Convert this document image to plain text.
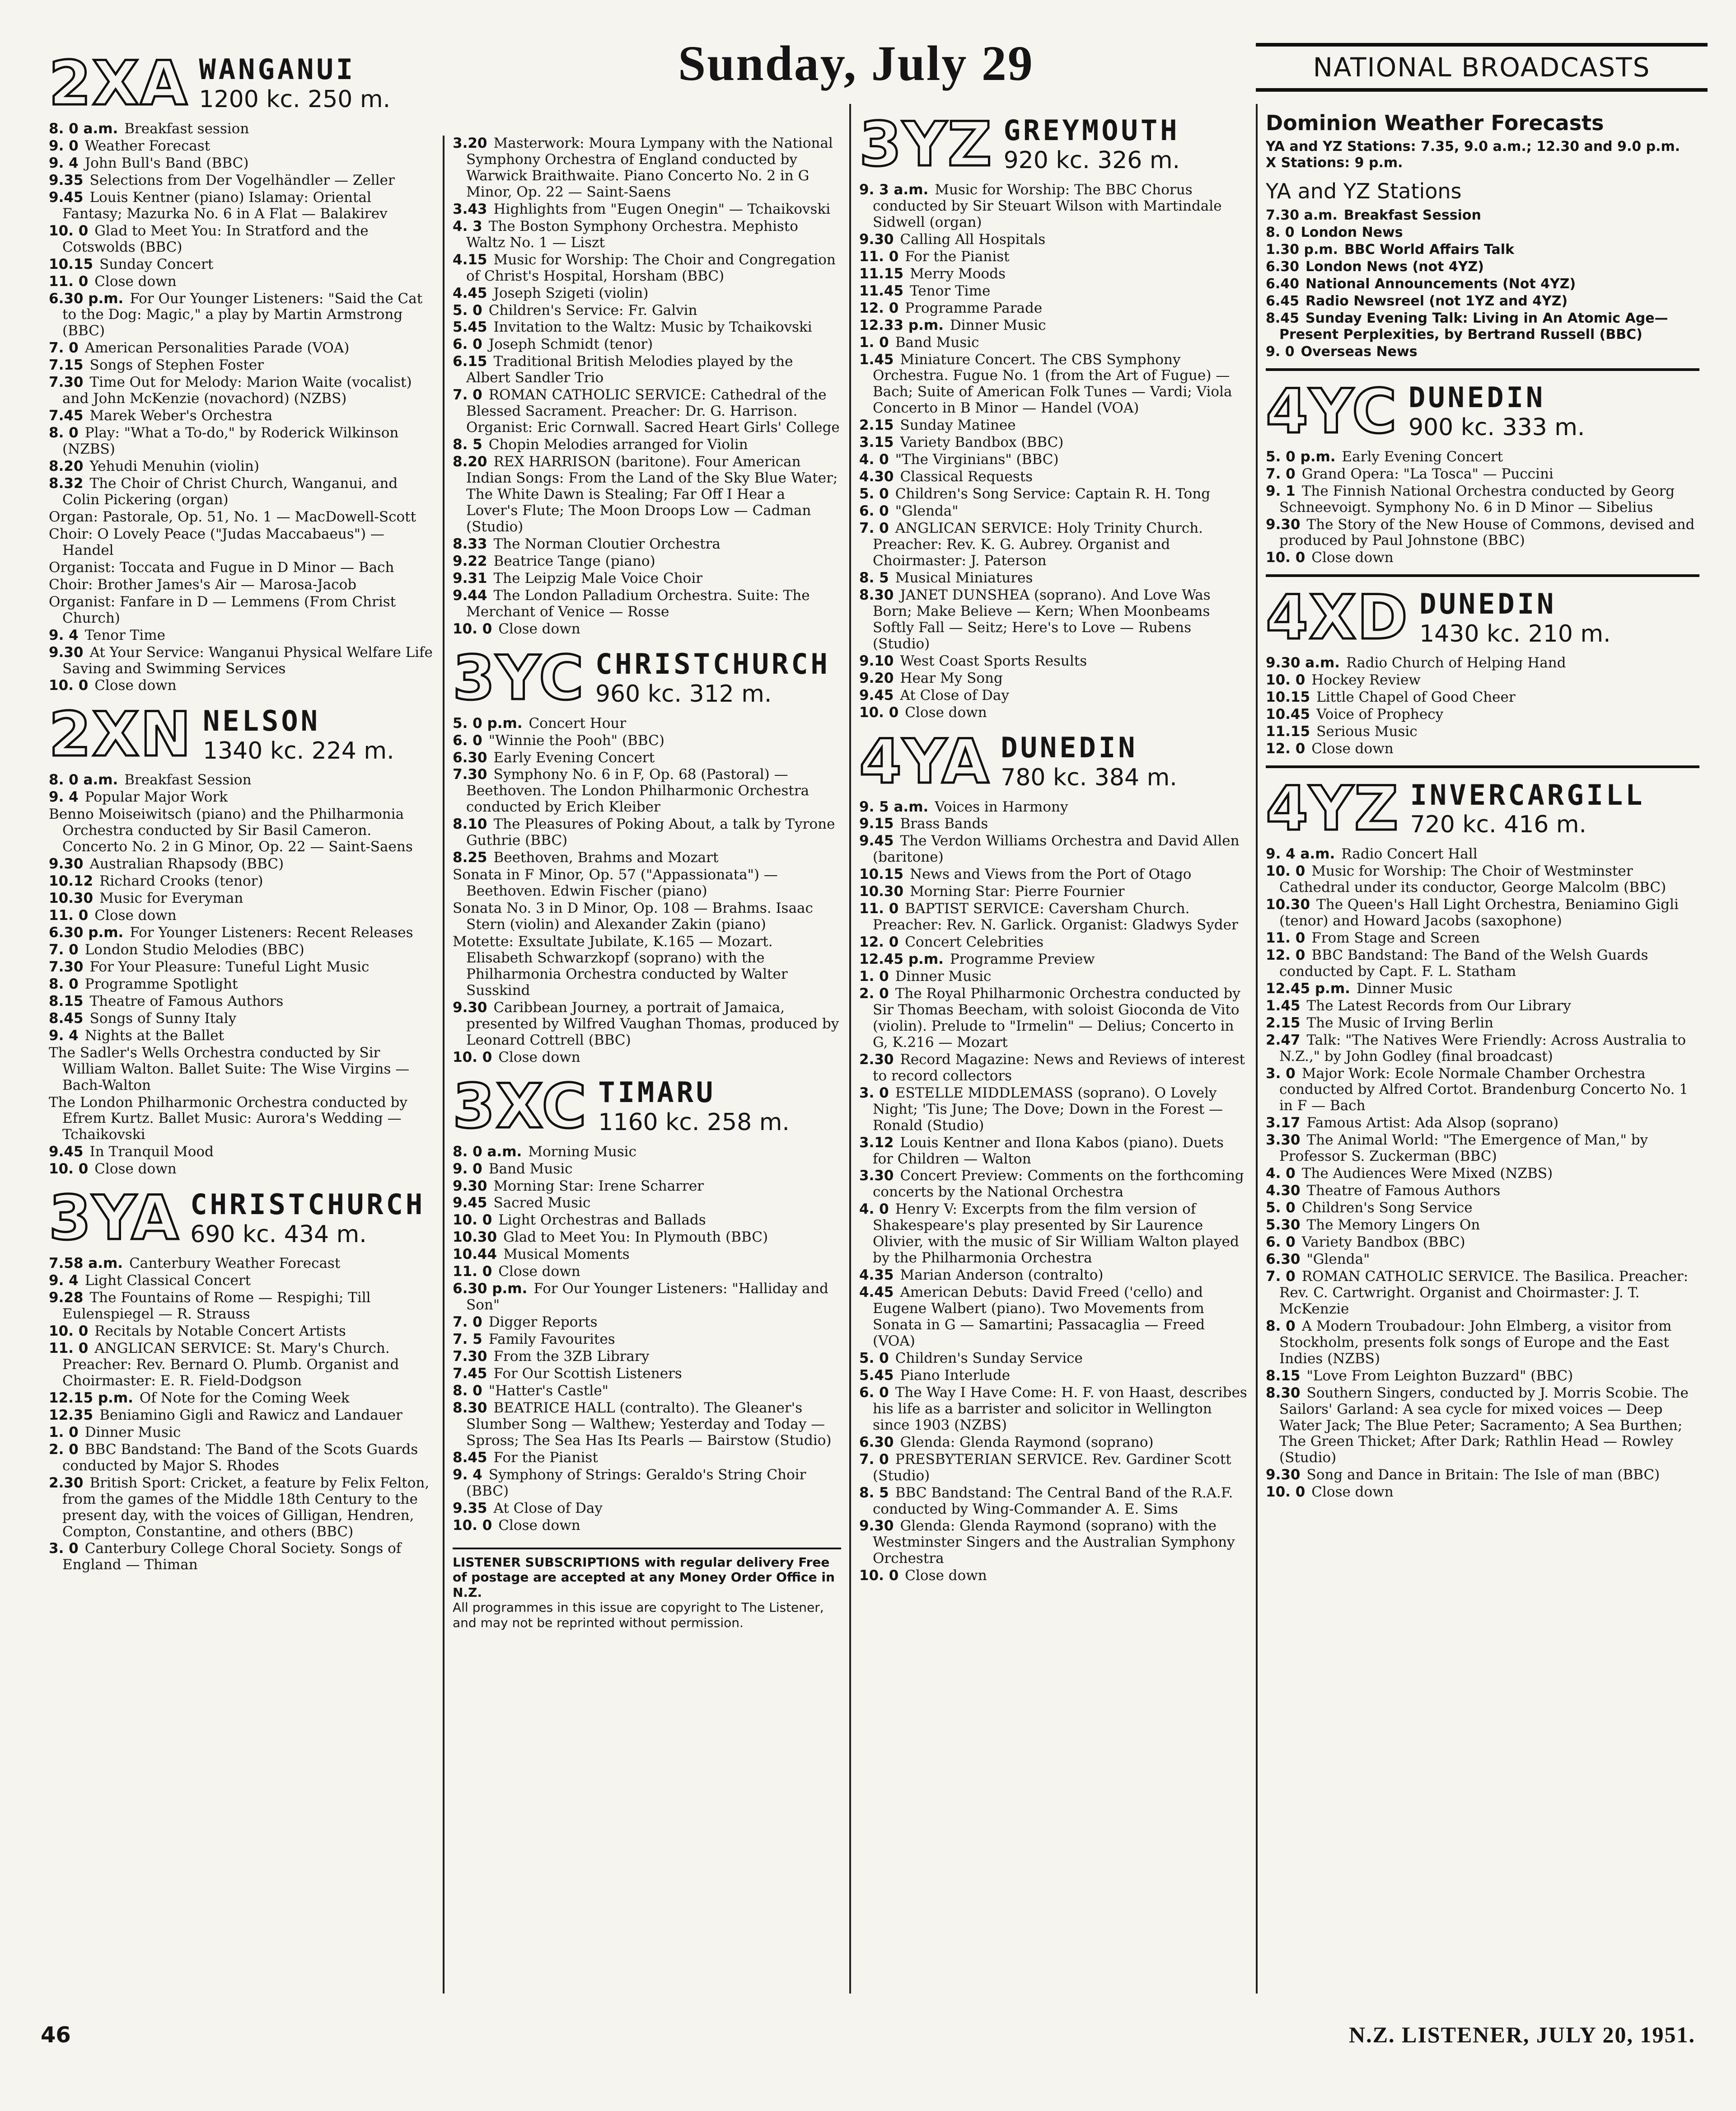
Sunday, July 29	NATIONAL BROADCASTS
2XA WANGANUI
1200 kc. 250 m.
8. 0 a.m. Breakfast session
9. 0 Weather Forecast
9. 4 John Bull's Band (BBC)
9.35 Selections from Der Vogelhändler — Zeller
9.45 Louis Kentner (piano) Islamay: Oriental Fantasy; Mazurka No. 6 in A Flat — Balakirev
10. 0 Glad to Meet You: In Stratford and the Cotswolds (BBC)
10.15 Sunday Concert
11. 0 Close down
6.30 p.m. For Our Younger Listeners: "Said the Cat to the Dog: Magic," a play by Martin Armstrong (BBC)
7. 0 American Personalities Parade (VOA)
7.15 Songs of Stephen Foster
7.30 Time Out for Melody: Marion Waite (vocalist) and John McKenzie (novachord) (NZBS)
7.45 Marek Weber's Orchestra
8. 0 Play: "What a To-do," by Roderick Wilkinson (NZBS)
8.20 Yehudi Menuhin (violin)
8.32 The Choir of Christ Church, Wanganui, and Colin Pickering (organ)
Organ: Pastorale, Op. 51, No. 1 — MacDowell-Scott
Choir: O Lovely Peace ("Judas Maccabaeus") — Handel
Organist: Toccata and Fugue in D Minor — Bach
Choir: Brother James's Air — Marosa-Jacob
Organist: Fanfare in D — Lemmens (From Christ Church)
9. 4 Tenor Time
9.30 At Your Service: Wanganui Physical Welfare Life Saving and Swimming Services
10. 0 Close down
2XN NELSON
1340 kc. 224 m.
8. 0 a.m. Breakfast Session
9. 4 Popular Major Work
Benno Moiseiwitsch (piano) and the Philharmonia Orchestra conducted by Sir Basil Cameron. Concerto No. 2 in G Minor, Op. 22 — Saint-Saens
9.30 Australian Rhapsody (BBC)
10.12 Richard Crooks (tenor)
10.30 Music for Everyman
11. 0 Close down
6.30 p.m. For Younger Listeners: Recent Releases
7. 0 London Studio Melodies (BBC)
7.30 For Your Pleasure: Tuneful Light Music
8. 0 Programme Spotlight
8.15 Theatre of Famous Authors
8.45 Songs of Sunny Italy
9. 4 Nights at the Ballet
The Sadler's Wells Orchestra conducted by Sir William Walton. Ballet Suite: The Wise Virgins — Bach-Walton
The London Philharmonic Orchestra conducted by Efrem Kurtz. Ballet Music: Aurora's Wedding — Tchaikovski
9.45 In Tranquil Mood
10. 0 Close down
3YA CHRISTCHURCH
690 kc. 434 m.
7.58 a.m. Canterbury Weather Forecast
9. 4 Light Classical Concert
9.28 The Fountains of Rome — Respighi; Till Eulenspiegel — R. Strauss
10. 0 Recitals by Notable Concert Artists
11. 0 ANGLICAN SERVICE: St. Mary's Church. Preacher: Rev. Bernard O. Plumb. Organist and Choirmaster: E. R. Field-Dodgson
12.15 p.m. Of Note for the Coming Week
12.35 Beniamino Gigli and Rawicz and Landauer
1. 0 Dinner Music
2. 0 BBC Bandstand: The Band of the Scots Guards conducted by Major S. Rhodes
2.30 British Sport: Cricket, a feature by Felix Felton, from the games of the Middle 18th Century to the present day, with the voices of Gilligan, Hendren, Compton, Constantine, and others (BBC)
3. 0 Canterbury College Choral Society. Songs of England — Thiman
3.20 Masterwork: Moura Lympany with the National Symphony Orchestra of England conducted by Warwick Braithwaite. Piano Concerto No. 2 in G Minor, Op. 22 — Saint-Saens
3.43 Highlights from "Eugen Onegin" — Tchaikovski
4. 3 The Boston Symphony Orchestra. Mephisto Waltz No. 1 — Liszt
4.15 Music for Worship: The Choir and Congregation of Christ's Hospital, Horsham (BBC)
4.45 Joseph Szigeti (violin)
5. 0 Children's Service: Fr. Galvin
5.45 Invitation to the Waltz: Music by Tchaikovski
6. 0 Joseph Schmidt (tenor)
6.15 Traditional British Melodies played by the Albert Sandler Trio
7. 0 ROMAN CATHOLIC SERVICE: Cathedral of the Blessed Sacrament. Preacher: Dr. G. Harrison. Organist: Eric Cornwall. Sacred Heart Girls' College
8. 5 Chopin Melodies arranged for Violin
8.20 REX HARRISON (baritone). Four American Indian Songs: From the Land of the Sky Blue Water; The White Dawn is Stealing; Far Off I Hear a Lover's Flute; The Moon Droops Low — Cadman (Studio)
8.33 The Norman Cloutier Orchestra
9.22 Beatrice Tange (piano)
9.31 The Leipzig Male Voice Choir
9.44 The London Palladium Orchestra. Suite: The Merchant of Venice — Rosse
10. 0 Close down
3YC CHRISTCHURCH
960 kc. 312 m.
5. 0 p.m. Concert Hour
6. 0 "Winnie the Pooh" (BBC)
6.30 Early Evening Concert
7.30 Symphony No. 6 in F, Op. 68 (Pastoral) — Beethoven. The London Philharmonic Orchestra conducted by Erich Kleiber
8.10 The Pleasures of Poking About, a talk by Tyrone Guthrie (BBC)
8.25 Beethoven, Brahms and Mozart
Sonata in F Minor, Op. 57 ("Appassionata") — Beethoven. Edwin Fischer (piano)
Sonata No. 3 in D Minor, Op. 108 — Brahms. Isaac Stern (violin) and Alexander Zakin (piano)
Motette: Exsultate Jubilate, K.165 — Mozart. Elisabeth Schwarzkopf (soprano) with the Philharmonia Orchestra conducted by Walter Susskind
9.30 Caribbean Journey, a portrait of Jamaica, presented by Wilfred Vaughan Thomas, produced by Leonard Cottrell (BBC)
10. 0 Close down
3XC TIMARU
1160 kc. 258 m.
8. 0 a.m. Morning Music
9. 0 Band Music
9.30 Morning Star: Irene Scharrer
9.45 Sacred Music
10. 0 Light Orchestras and Ballads
10.30 Glad to Meet You: In Plymouth (BBC)
10.44 Musical Moments
11. 0 Close down
6.30 p.m. For Our Younger Listeners: "Halliday and Son"
7. 0 Digger Reports
7. 5 Family Favourites
7.30 From the 3ZB Library
7.45 For Our Scottish Listeners
8. 0 "Hatter's Castle"
8.30 BEATRICE HALL (contralto). The Gleaner's Slumber Song — Walthew; Yesterday and Today — Spross; The Sea Has Its Pearls — Bairstow (Studio)
8.45 For the Pianist
9. 4 Symphony of Strings: Geraldo's String Choir (BBC)
9.35 At Close of Day
10. 0 Close down
LISTENER SUBSCRIPTIONS with regular delivery Free of postage are accepted at any Money Order Office in N.Z.
All programmes in this issue are copyright to The Listener, and may not be reprinted without permission.
3YZ GREYMOUTH
920 kc. 326 m.
9. 3 a.m. Music for Worship: The BBC Chorus conducted by Sir Steuart Wilson with Martindale Sidwell (organ)
9.30 Calling All Hospitals
11. 0 For the Pianist
11.15 Merry Moods
11.45 Tenor Time
12. 0 Programme Parade
12.33 p.m. Dinner Music
1. 0 Band Music
1.45 Miniature Concert. The CBS Symphony Orchestra. Fugue No. 1 (from the Art of Fugue) — Bach; Suite of American Folk Tunes — Vardi; Viola Concerto in B Minor — Handel (VOA)
2.15 Sunday Matinee
3.15 Variety Bandbox (BBC)
4. 0 "The Virginians" (BBC)
4.30 Classical Requests
5. 0 Children's Song Service: Captain R. H. Tong
6. 0 "Glenda"
7. 0 ANGLICAN SERVICE: Holy Trinity Church. Preacher: Rev. K. G. Aubrey. Organist and Choirmaster: J. Paterson
8. 5 Musical Miniatures
8.30 JANET DUNSHEA (soprano). And Love Was Born; Make Believe — Kern; When Moonbeams Softly Fall — Seitz; Here's to Love — Rubens (Studio)
9.10 West Coast Sports Results
9.20 Hear My Song
9.45 At Close of Day
10. 0 Close down
4YA DUNEDIN
780 kc. 384 m.
9. 5 a.m. Voices in Harmony
9.15 Brass Bands
9.45 The Verdon Williams Orchestra and David Allen (baritone)
10.15 News and Views from the Port of Otago
10.30 Morning Star: Pierre Fournier
11. 0 BAPTIST SERVICE: Caversham Church. Preacher: Rev. N. Garlick. Organist: Gladwys Syder
12. 0 Concert Celebrities
12.45 p.m. Programme Preview
1. 0 Dinner Music
2. 0 The Royal Philharmonic Orchestra conducted by Sir Thomas Beecham, with soloist Gioconda de Vito (violin). Prelude to "Irmelin" — Delius; Concerto in G, K.216 — Mozart
2.30 Record Magazine: News and Reviews of interest to record collectors
3. 0 ESTELLE MIDDLEMASS (soprano). O Lovely Night; 'Tis June; The Dove; Down in the Forest — Ronald (Studio)
3.12 Louis Kentner and Ilona Kabos (piano). Duets for Children — Walton
3.30 Concert Preview: Comments on the forthcoming concerts by the National Orchestra
4. 0 Henry V: Excerpts from the film version of Shakespeare's play presented by Sir Laurence Olivier, with the music of Sir William Walton played by the Philharmonia Orchestra
4.35 Marian Anderson (contralto)
4.45 American Debuts: David Freed ('cello) and Eugene Walbert (piano). Two Movements from Sonata in G — Samartini; Passacaglia — Freed (VOA)
5. 0 Children's Sunday Service
5.45 Piano Interlude
6. 0 The Way I Have Come: H. F. von Haast, describes his life as a barrister and solicitor in Wellington since 1903 (NZBS)
6.30 Glenda: Glenda Raymond (soprano)
7. 0 PRESBYTERIAN SERVICE. Rev. Gardiner Scott (Studio)
8. 5 BBC Bandstand: The Central Band of the R.A.F. conducted by Wing-Commander A. E. Sims
9.30 Glenda: Glenda Raymond (soprano) with the Westminster Singers and the Australian Symphony Orchestra
10. 0 Close down
Dominion Weather Forecasts
YA and YZ Stations: 7.35, 9.0 a.m.; 12.30 and 9.0 p.m.
X Stations: 9 p.m.
YA and YZ Stations
7.30 a.m. Breakfast Session
8. 0 London News
1.30 p.m. BBC World Affairs Talk
6.30 London News (not 4YZ)
6.40 National Announcements (Not 4YZ)
6.45 Radio Newsreel (not 1YZ and 4YZ)
8.45 Sunday Evening Talk: Living in An Atomic Age—Present Perplexities, by Bertrand Russell (BBC)
9. 0 Overseas News
4YC DUNEDIN
900 kc. 333 m.
5. 0 p.m. Early Evening Concert
7. 0 Grand Opera: "La Tosca" — Puccini
9. 1 The Finnish National Orchestra conducted by Georg Schneevoigt. Symphony No. 6 in D Minor — Sibelius
9.30 The Story of the New House of Commons, devised and produced by Paul Johnstone (BBC)
10. 0 Close down
4XD DUNEDIN
1430 kc. 210 m.
9.30 a.m. Radio Church of Helping Hand
10. 0 Hockey Review
10.15 Little Chapel of Good Cheer
10.45 Voice of Prophecy
11.15 Serious Music
12. 0 Close down
4YZ INVERCARGILL
720 kc. 416 m.
9. 4 a.m. Radio Concert Hall
10. 0 Music for Worship: The Choir of Westminster Cathedral under its conductor, George Malcolm (BBC)
10.30 The Queen's Hall Light Orchestra, Beniamino Gigli (tenor) and Howard Jacobs (saxophone)
11. 0 From Stage and Screen
12. 0 BBC Bandstand: The Band of the Welsh Guards conducted by Capt. F. L. Statham
12.45 p.m. Dinner Music
1.45 The Latest Records from Our Library
2.15 The Music of Irving Berlin
2.47 Talk: "The Natives Were Friendly: Across Australia to N.Z.," by John Godley (final broadcast)
3. 0 Major Work: Ecole Normale Chamber Orchestra conducted by Alfred Cortot. Brandenburg Concerto No. 1 in F — Bach
3.17 Famous Artist: Ada Alsop (soprano)
3.30 The Animal World: "The Emergence of Man," by Professor S. Zuckerman (BBC)
4. 0 The Audiences Were Mixed (NZBS)
4.30 Theatre of Famous Authors
5. 0 Children's Song Service
5.30 The Memory Lingers On
6. 0 Variety Bandbox (BBC)
6.30 "Glenda"
7. 0 ROMAN CATHOLIC SERVICE. The Basilica. Preacher: Rev. C. Cartwright. Organist and Choirmaster: J. T. McKenzie
8. 0 A Modern Troubadour: John Elmberg, a visitor from Stockholm, presents folk songs of Europe and the East Indies (NZBS)
8.15 "Love From Leighton Buzzard" (BBC)
8.30 Southern Singers, conducted by J. Morris Scobie. The Sailors' Garland: A sea cycle for mixed voices — Deep Water Jack; The Blue Peter; Sacramento; A Sea Burthen; The Green Thicket; After Dark; Rathlin Head — Rowley (Studio)
9.30 Song and Dance in Britain: The Isle of man (BBC)
10. 0 Close down
46	N.Z. LISTENER, JULY 20, 1951.
